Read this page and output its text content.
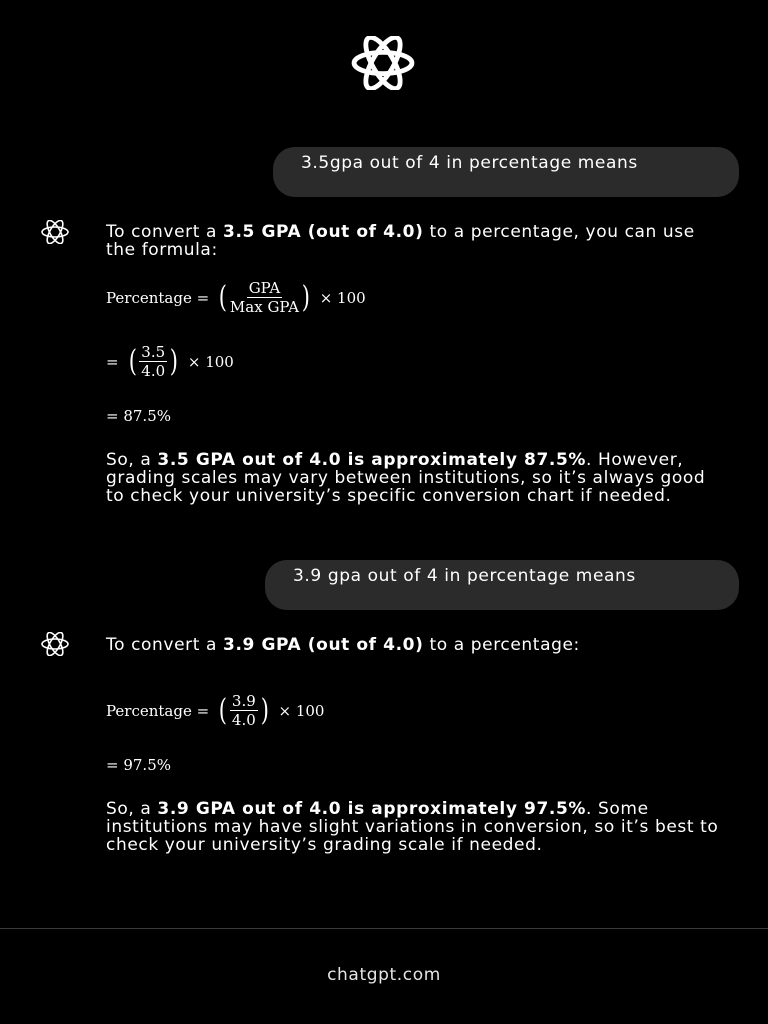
3.5gpa out of 4 in percentage means

To convert a 3.5 GPA (out of 4.0) to a percentage, you can use the formula:

Percentage = ( $\frac{\text{GPA}}{\text{Max GPA}}$ ) × 100
= ( $\frac{3.5}{4.0}$ ) × 100
= 87.5%

So, a 3.5 GPA out of 4.0 is approximately 87.5%. However, grading scales may vary between institutions, so it’s always good to check your university’s specific conversion chart if needed.

3.9 gpa out of 4 in percentage means

To convert a 3.9 GPA (out of 4.0) to a percentage:

Percentage = ( $\frac{3.9}{4.0}$ ) × 100
= 97.5%

So, a 3.9 GPA out of 4.0 is approximately 97.5%. Some institutions may have slight variations in conversion, so it’s best to check your university’s grading scale if needed.

chatgpt.com
